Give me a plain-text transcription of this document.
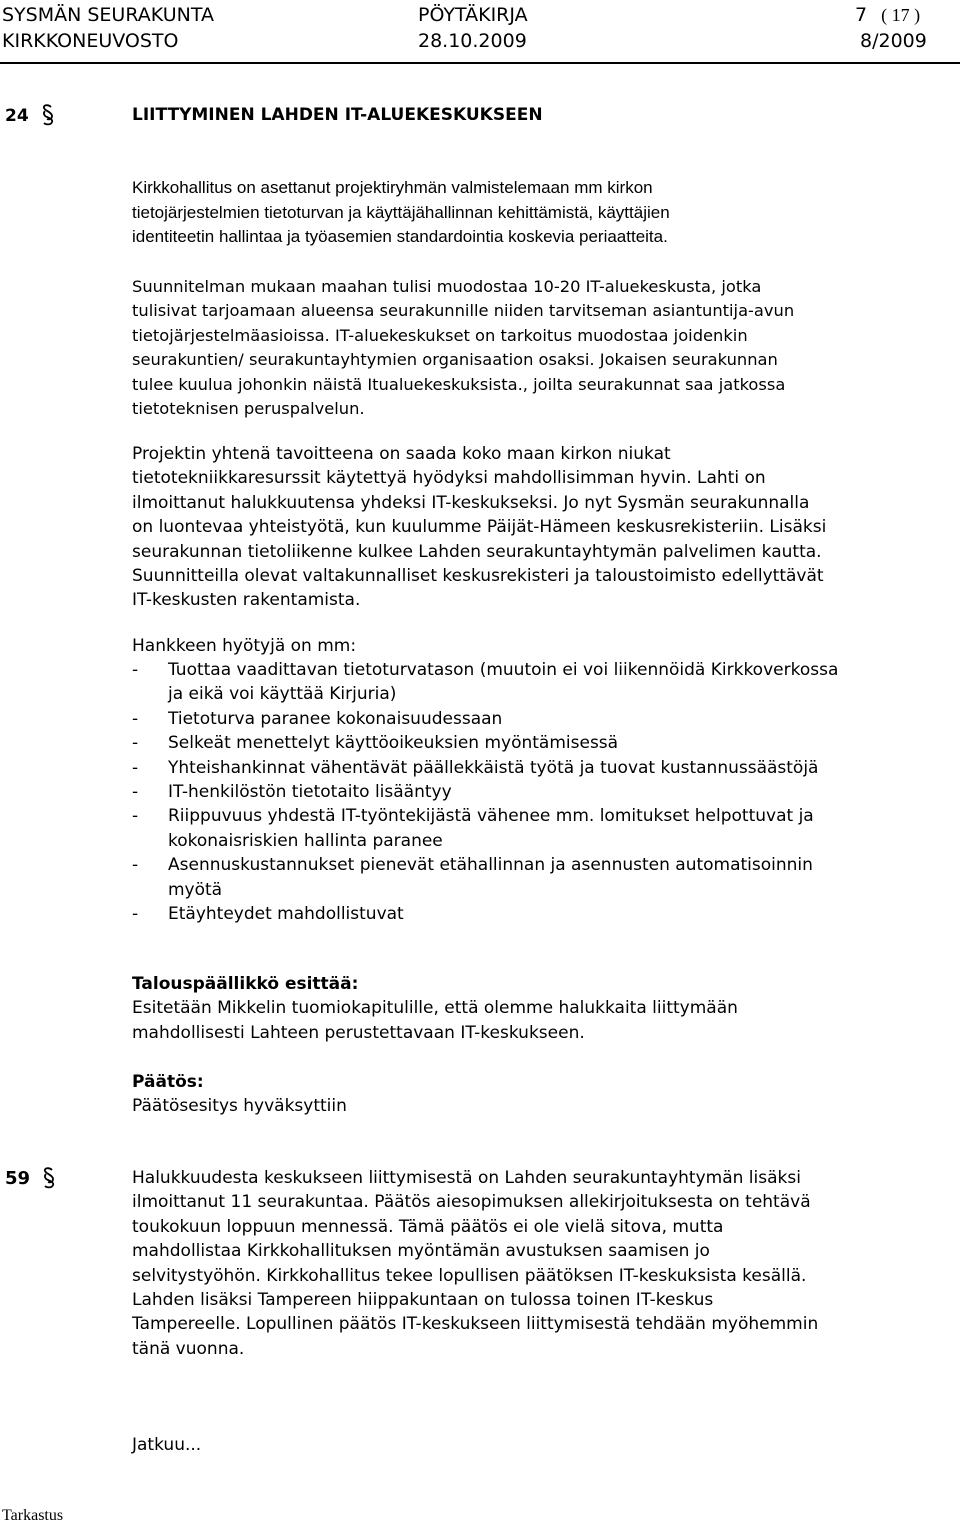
SYSMÄN SEURAKUNTA	PÖYTÄKIRJA	7 ( 17 )
KIRKKONEUVOSTO	28.10.2009	8/2009
24	LIITTYMINEN LAHDEN IT-ALUEKESKUKSEEN

Kirkkohallitus on asettanut projektiryhmän valmistelemaan mm kirkon

tietojärjestelmien tietoturvan ja käyttäjähallinnan kehittämistä, käyttäjien

identiteetin hallintaa ja työasemien standardointia koskevia periaatteita.

Suunnitelman mukaan maahan tulisi muodostaa 10-20 IT-aluekeskusta, jotka

tulisivat tarjoamaan alueensa seurakunnille niiden tarvitseman asiantuntija-avun

tietojärjestelmäasioissa. IT-aluekeskukset on tarkoitus muodostaa joidenkin

seurakuntien/ seurakuntayhtymien organisaation osaksi. Jokaisen seurakunnan

tulee kuulua johonkin näistä Itualuekeskuksista., joilta seurakunnat saa jatkossa

tietoteknisen peruspalvelun.

Projektin yhtenä tavoitteena on saada koko maan kirkon niukat

tietotekniikkaresurssit käytettyä hyödyksi mahdollisimman hyvin. Lahti on

ilmoittanut halukkuutensa yhdeksi IT-keskukseksi. Jo nyt Sysmän seurakunnalla

on luontevaa yhteistyötä, kun kuulumme Päijät-Hämeen keskusrekisteriin. Lisäksi

seurakunnan tietoliikenne kulkee Lahden seurakuntayhtymän palvelimen kautta.

Suunnitteilla olevat valtakunnalliset keskusrekisteri ja taloustoimisto edellyttävät

IT-keskusten rakentamista.

Hankkeen hyötyjä on mm:

- Tuottaa vaadittavan tietoturvatason (muutoin ei voi liikennöidä Kirkkoverkossa
ja eikä voi käyttää Kirjuria)
- Tietoturva paranee kokonaisuudessaan
- Selkeät menettelyt käyttöoikeuksien myöntämisessä
- Yhteishankinnat vähentävät päällekkäistä työtä ja tuovat kustannussäästöjä
- IT-henkilöstön tietotaito lisääntyy
- Riippuvuus yhdestä IT-työntekijästä vähenee mm. lomitukset helpottuvat ja
kokonaisriskien hallinta paranee
- Asennuskustannukset pienevät etähallinnan ja asennusten automatisoinnin
myötä
- Etäyhteydet mahdollistuvat

Talouspäällikkö esittää:

Esitetään Mikkelin tuomiokapitulille, että olemme halukkaita liittymään

mahdollisesti Lahteen perustettavaan IT-keskukseen.

Päätös:

Päätösesitys hyväksyttiin

59	Halukkuudesta keskukseen liittymisestä on Lahden seurakuntayhtymän lisäksi

ilmoittanut 11 seurakuntaa. Päätös aiesopimuksen allekirjoituksesta on tehtävä

toukokuun loppuun mennessä. Tämä päätös ei ole vielä sitova, mutta

mahdollistaa Kirkkohallituksen myöntämän avustuksen saamisen jo

selvitystyöhön. Kirkkohallitus tekee lopullisen päätöksen IT-keskuksista kesällä.

Lahden lisäksi Tampereen hiippakuntaan on tulossa toinen IT-keskus

Tampereelle. Lopullinen päätös IT-keskukseen liittymisestä tehdään myöhemmin

tänä vuonna.

Jatkuu...

Tarkastus
